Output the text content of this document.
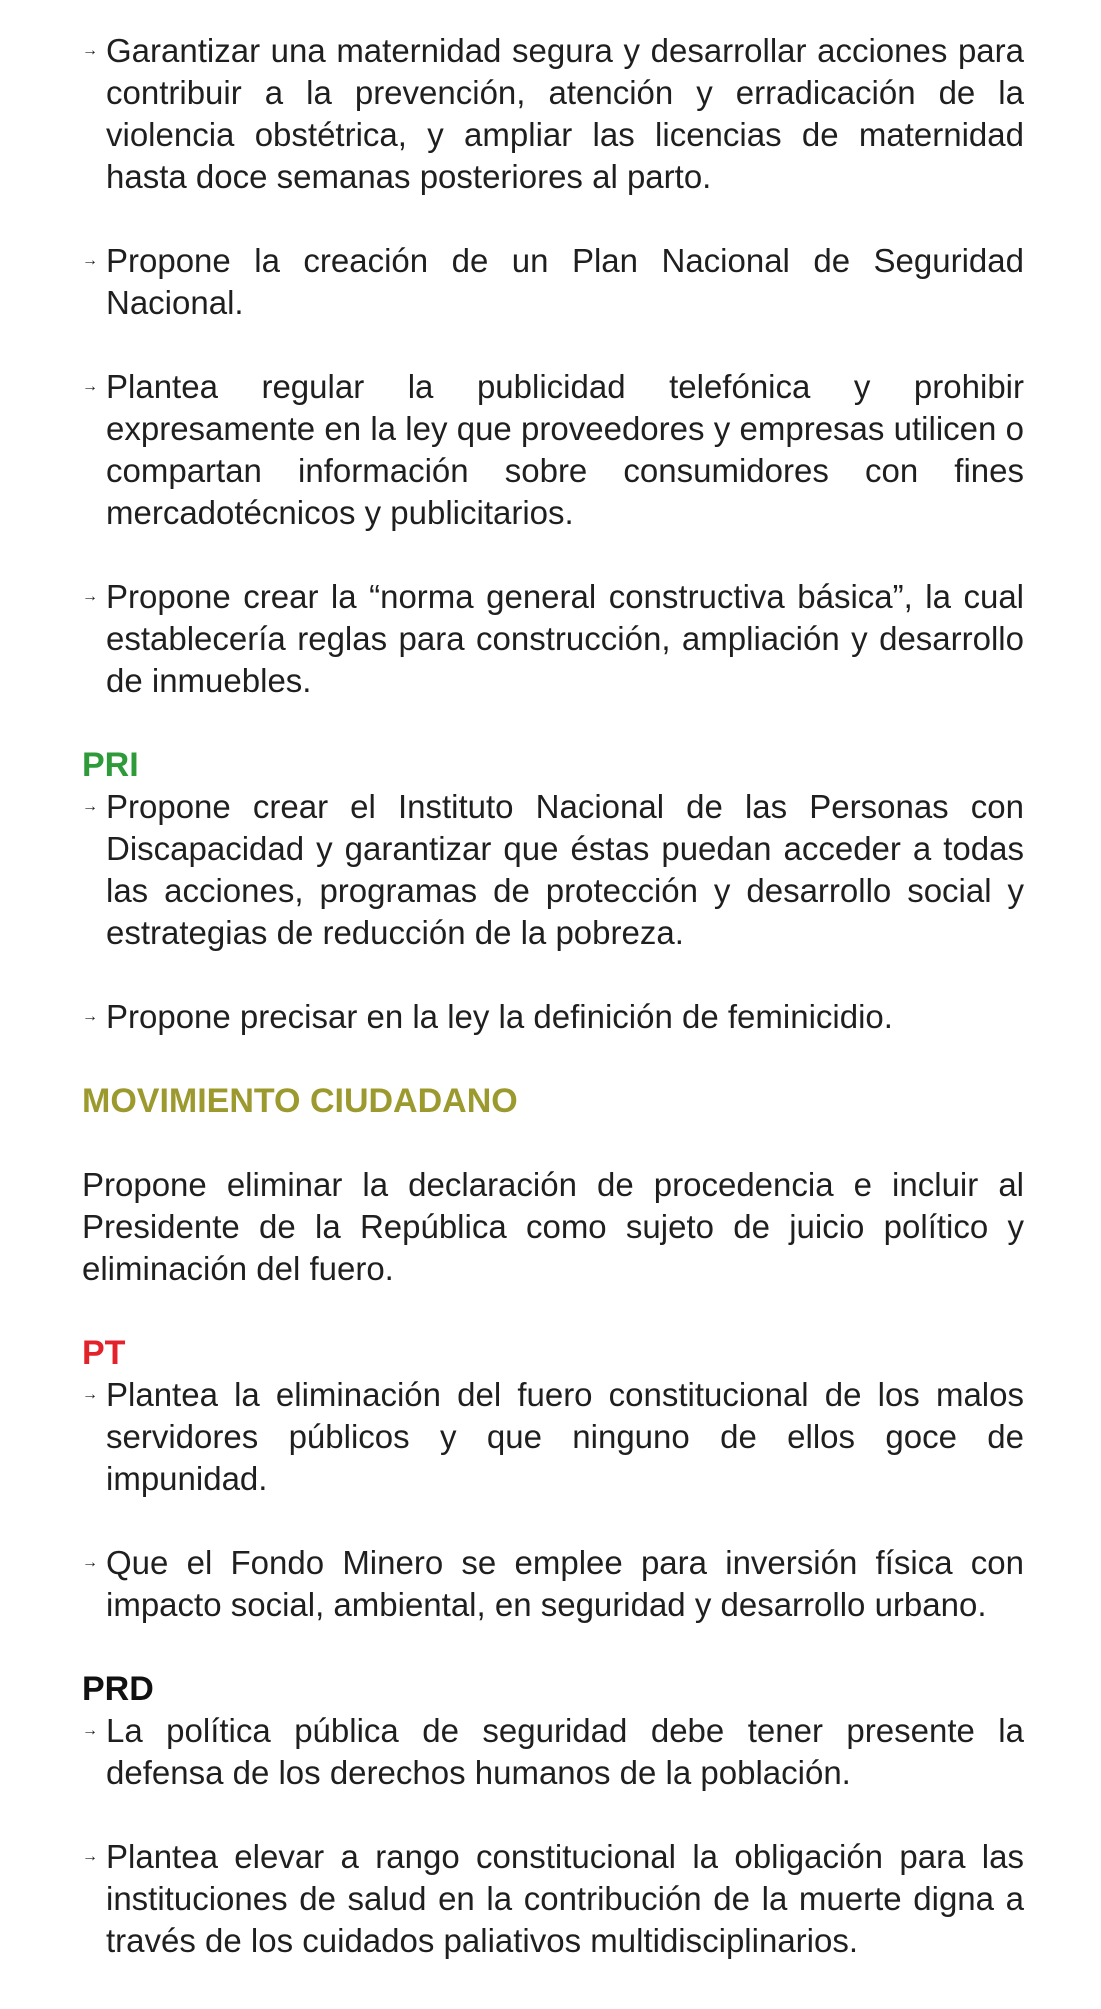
→ Garantizar una maternidad segura y desarrollar acciones para contribuir a la prevención, atención y erradicación de la violencia obstétrica, y ampliar las licencias de maternidad hasta doce semanas posteriores al parto.

→ Propone la creación de un Plan Nacional de Seguridad Nacional.

→ Plantea regular la publicidad telefónica y prohibir expresamente en la ley que proveedores y empresas utilicen o compartan información sobre consumidores con fines mercadotécnicos y publicitarios.

→ Propone crear la “norma general constructiva básica”, la cual establecería reglas para construcción, ampliación y desarrollo de inmuebles.

PRI

→ Propone crear el Instituto Nacional de las Personas con Discapacidad y garantizar que éstas puedan acceder a todas las acciones, programas de protección y desarrollo social y estrategias de reducción de la pobreza.

→ Propone precisar en la ley la definición de feminicidio.

MOVIMIENTO CIUDADANO

Propone eliminar la declaración de procedencia e incluir al Presidente de la República como sujeto de juicio político y eliminación del fuero.

PT

→ Plantea la eliminación del fuero constitucional de los malos servidores públicos y que ninguno de ellos goce de impunidad.

→ Que el Fondo Minero se emplee para inversión física con impacto social, ambiental, en seguridad y desarrollo urbano.

PRD

→ La política pública de seguridad debe tener presente la defensa de los derechos humanos de la población.

→ Plantea elevar a rango constitucional la obligación para las instituciones de salud en la contribución de la muerte digna a través de los cuidados paliativos multidisciplinarios.
